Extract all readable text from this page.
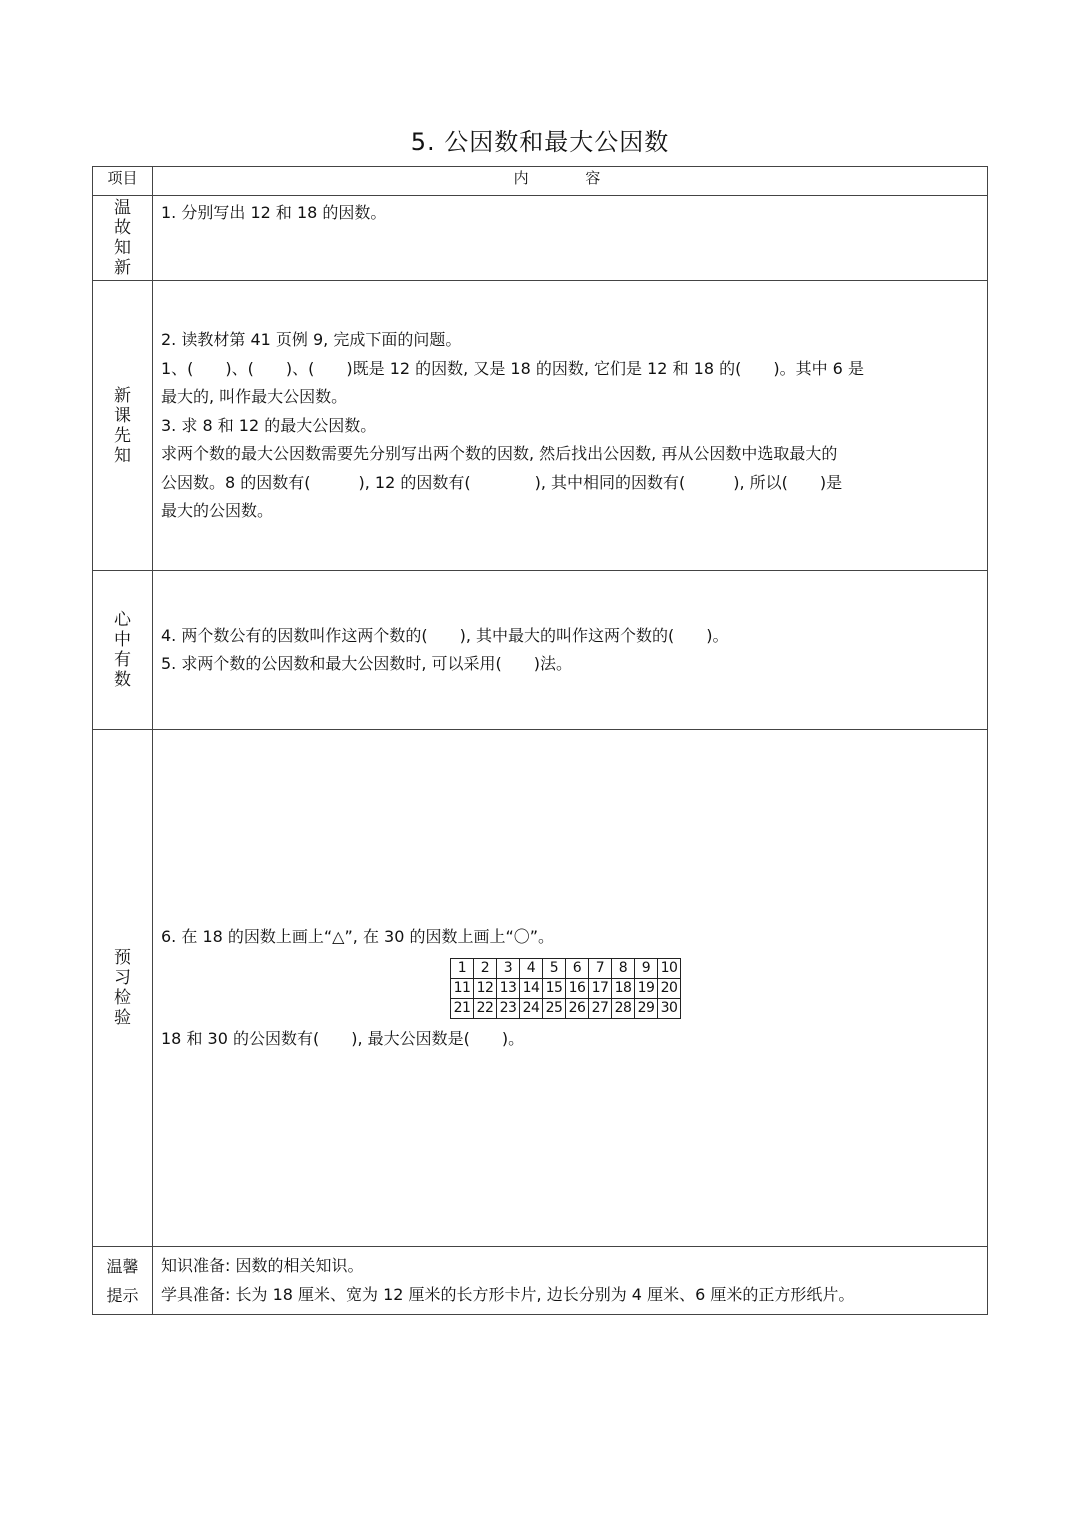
5. 公因数和最大公因数
项目	内 容

温
故
知
新

1. 分别写出 12 和 18 的因数。

新
课
先
知

2. 读教材第 41 页例 9, 完成下面的问题。
1、(　　)、(　　)、(　　)既是 12 的因数, 又是 18 的因数, 它们是 12 和 18 的(　　)。其中 6 是
最大的, 叫作最大公因数。
3. 求 8 和 12 的最大公因数。
求两个数的最大公因数需要先分别写出两个数的因数, 然后找出公因数, 再从公因数中选取最大的
公因数。8 的因数有(　　　), 12 的因数有(　　　　), 其中相同的因数有(　　　), 所以(　　)是
最大的公因数。

心
中
有
数

4. 两个数公有的因数叫作这两个数的(　　), 其中最大的叫作这两个数的(　　)。
5. 求两个数的公因数和最大公因数时, 可以采用(　　)法。

预
习
检
验

6. 在 18 的因数上画上“△”, 在 30 的因数上画上“〇”。
1	2	3	4	5	6	7	8	9	10
11	12	13	14	15	16	17	18	19	20
21	22	23	24	25	26	27	28	29	30
18 和 30 的公因数有(　　), 最大公因数是(　　)。

温馨
提示

知识准备: 因数的相关知识。
学具准备: 长为 18 厘米、宽为 12 厘米的长方形卡片, 边长分别为 4 厘米、6 厘米的正方形纸片。
